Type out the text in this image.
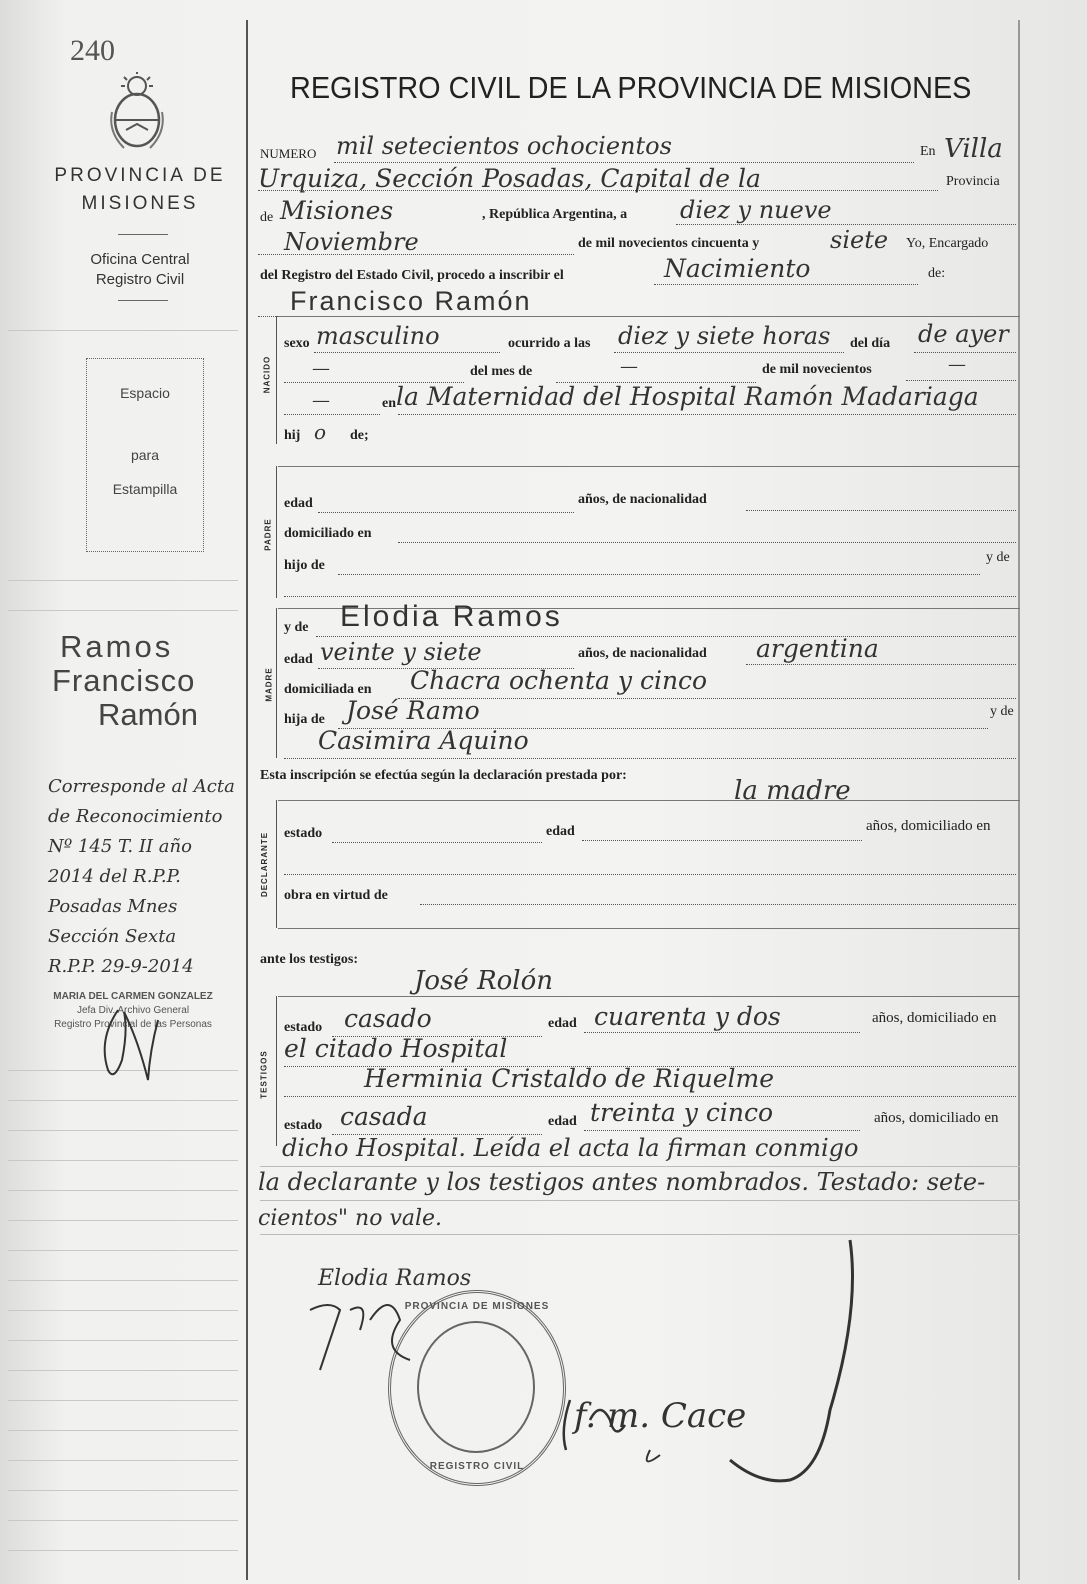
240
PROVINCIA DE
MISIONES
Oficina Central
Registro Civil
Espacio
para
Estampilla
Ramos
Francisco
Ramón
Corresponde al Acta
de Reconocimiento
Nº 145 T. II año
2014 del R.P.P.
Posadas Mnes
Sección Sexta
R.P.P. 29-9-2014
MARIA DEL CARMEN GONZALEZ
Jefa Div. Archivo General
Registro Provincial de las Personas
REGISTRO CIVIL DE LA PROVINCIA DE MISIONES
NUMERO mil setecientos ochocientos	En Villa
Urquiza, Sección Posadas, Capital de la	Provincia
de Misiones	, República Argentina, a diez y nueve
Noviembre	de mil novecientos cincuenta y	siete Yo, Encargado
del Registro del Estado Civil, procedo a inscribir el	Nacimiento	de:
Francisco Ramón
NACIDO
sexo masculino	ocurrido a las diez y siete horas del día de ayer
—	del mes de	—	de mil novecientos	—
—	en la Maternidad del Hospital Ramón Madariaga
hij o de;
PADRE
edad	años, de nacionalidad
domiciliado en
hijo de
y de
MADRE
y de Elodia Ramos
edad veinte y siete	años, de nacionalidad argentina
domiciliada en Chacra ochenta y cinco
hija de José Ramo	y de
Casimira Aquino
Esta inscripción se efectúa según la declaración prestada por:
la madre
DECLARANTE estado	edad	años, domiciliado en
obra en virtud de
ante los testigos:
José Rolón
TESTIGOS
estado casado	edad cuarenta y dos	años, domiciliado en
el citado Hospital
Herminia Cristaldo de Riquelme
estado casada	edad treinta y cinco	años, domiciliado en
dicho Hospital. Leída el acta la firman conmigo
la declarante y los testigos antes nombrados. Testado: sete-
cientos" no vale.
PROVINCIA DE MISIONES
REGISTRO CIVIL
Elodia Ramos
f. m. Cace
